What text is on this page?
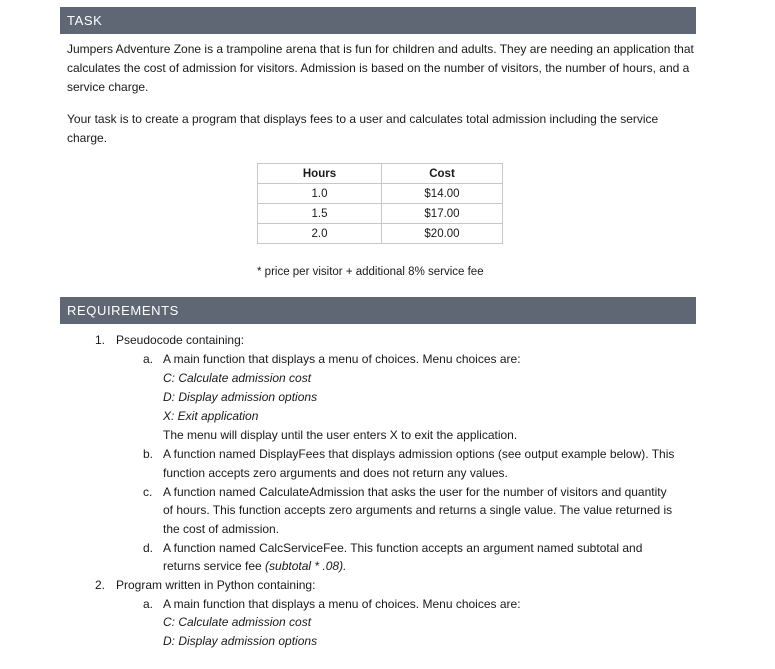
TASK

Jumpers Adventure Zone is a trampoline arena that is fun for children and adults. They are needing an application that calculates the cost of admission for visitors. Admission is based on the number of visitors, the number of hours, and a service charge.

Your task is to create a program that displays fees to a user and calculates total admission including the service charge.

Hours	Cost
1.0	$14.00
1.5	$17.00
2.0	$20.00
* price per visitor + additional 8% service fee
REQUIREMENTS
1. Pseudocode containing:
a. A main function that displays a menu of choices. Menu choices are:
C: Calculate admission cost
D: Display admission options
X: Exit application
The menu will display until the user enters X to exit the application.
b. A function named DisplayFees that displays admission options (see output example below). This
function accepts zero arguments and does not return any values.
c. A function named CalculateAdmission that asks the user for the number of visitors and quantity
of hours. This function accepts zero arguments and returns a single value. The value returned is
the cost of admission.
d. A function named CalcServiceFee. This function accepts an argument named subtotal and
returns service fee (subtotal * .08).
2. Program written in Python containing:
a. A main function that displays a menu of choices. Menu choices are:
C: Calculate admission cost
D: Display admission options
